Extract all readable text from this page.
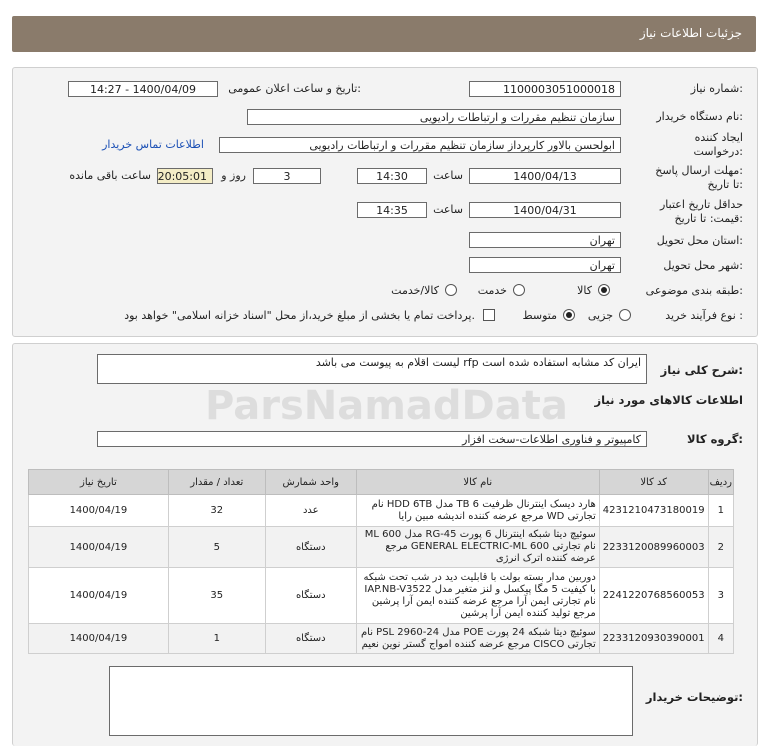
جزئیات اطلاعات نیاز
شماره نیاز:
1100003051000018
تاریخ و ساعت اعلان عمومی:
1400/04/09 - 14:27
نام دستگاه خریدار:
سازمان تنظیم مقررات و ارتباطات رادیویی
ایجاد کننده
درخواست:
ابولحسن بالاور کارپرداز سازمان تنظیم مقررات و ارتباطات رادیویی
اطلاعات تماس خریدار
مهلت ارسال پاسخ:
تا تاریخ:
1400/04/13
ساعت
14:30
3
روز و
20:05:01
ساعت باقی مانده
حداقل تاریخ اعتبار
قیمت: تا تاریخ:
1400/04/31
ساعت
14:35
استان محل تحویل:
تهران
شهر محل تحویل:
تهران
طبقه بندی موضوعی:
کالا
خدمت
کالا/خدمت
نوع فرآیند خرید :
جزیی
متوسط
پرداخت تمام یا بخشی از مبلغ خرید،از محل "اسناد خزانه اسلامی" خواهد بود.
شرح کلی نیاز:
ایران کد مشابه استفاده شده است rfp لیست اقلام به پیوست می باشد
اطلاعات کالاهای مورد نیاز
گروه کالا:
کامپیوتر و فناوری اطلاعات-سخت افزار
توضیحات خریدار:
ردیف	کد کالا	نام کالا	واحد شمارش	تعداد / مقدار	تاریخ نیاز
1	4231210473180019	هارد دیسک اینترنال ظرفیت 6 TB مدل HDD 6TB نام تجارتی WD مرجع عرضه کننده اندیشه مبین رایا	عدد	32	1400/04/19
2	2233120089960003	سوئیچ دیتا شبکه اینترنال 6 پورت RG-45 مدل ML 600 نام تجارتی GENERAL ELECTRIC-ML 600 مرجع عرضه کننده اترک انرژی	دستگاه	5	1400/04/19
3	2241220768560053	دوربین مدار بسته بولت با قابلیت دید در شب تحت شبکه با کیفیت 5 مگا پیکسل و لنز متغیر مدل IAP.NB-V3522 نام تجارتی ایمن آرا مرجع عرضه کننده ایمن آرا پرشین مرجع تولید کننده ایمن آرا پرشین	دستگاه	35	1400/04/19
4	2233120930390001	سوئیچ دیتا شبکه 24 پورت POE مدل PSL 2960-24 نام تجارتی CISCO مرجع عرضه کننده امواج گستر نوین نعیم	دستگاه	1	1400/04/19
ParsNamadData
